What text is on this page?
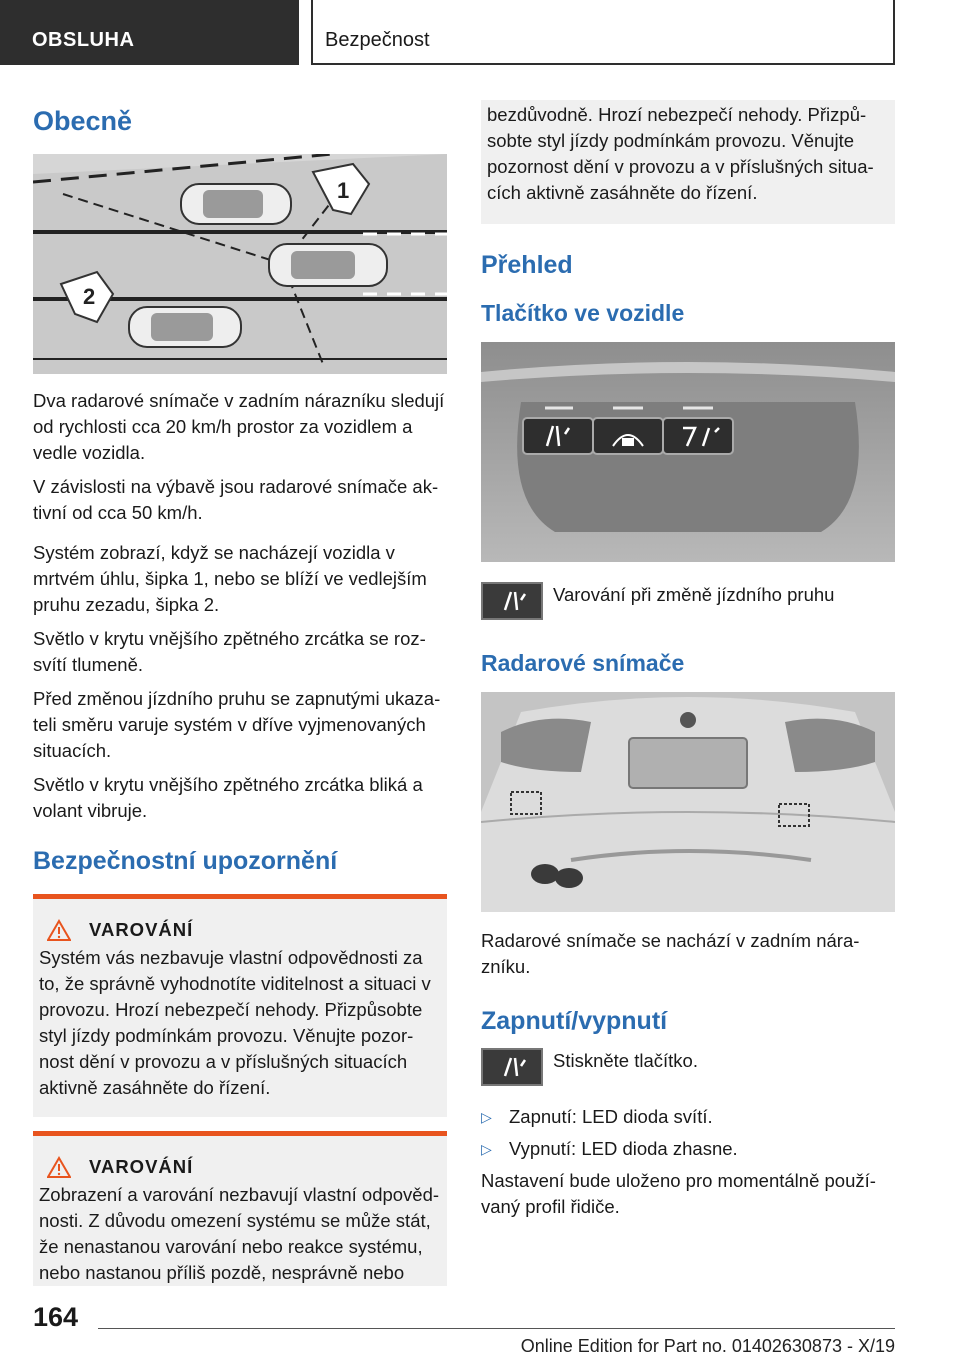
OBSLUHA	Bezpečnost
Obecně
1
2

Dva radarové snímače v zadním nárazníku sledují od rychlosti cca 20 km/h prostor za vozidlem a vedle vozidla.

V závislosti na výbavě jsou radarové snímače ak‐tivní od cca 50 km/h.

Systém zobrazí, když se nacházejí vozidla v mrtvém úhlu, šipka 1, nebo se blíží ve vedlejším pruhu zezadu, šipka 2.

Světlo v krytu vnějšího zpětného zrcátka se roz‐svítí tlumeně.

Před změnou jízdního pruhu se zapnutými ukaza‐teli směru varuje systém v dříve vyjmenovaných situacích.

Světlo v krytu vnějšího zpětného zrcátka bliká a volant vibruje.

Bezpečnostní upozornění
VAROVÁNÍ

Systém vás nezbavuje vlastní odpovědnosti za to, že správně vyhodnotíte viditelnost a situaci v provozu. Hrozí nebezpečí nehody. Přizpůsobte styl jízdy podmínkám provozu. Věnujte pozor‐nost dění v provozu a v příslušných situacích aktivně zasáhněte do řízení.

VAROVÁNÍ

Zobrazení a varování nezbavují vlastní odpověd‐nosti. Z důvodu omezení systému se může stát, že nenastanou varování nebo reakce systému, nebo nastanou příliš pozdě, nesprávně nebo

bezdůvodně. Hrozí nebezpečí nehody. Přizpů‐sobte styl jízdy podmínkám provozu. Věnujte pozornost dění v provozu a v příslušných situa‐cích aktivně zasáhněte do řízení.

Přehled
Tlačítko ve vozidle

Varování při změně jízdního pruhu

Radarové snímače

Radarové snímače se nachází v zadním nára‐zníku.

Zapnutí/vypnutí

Stiskněte tlačítko.

▷ Zapnutí: LED dioda svítí.
▷ Vypnutí: LED dioda zhasne.

Nastavení bude uloženo pro momentálně použí‐vaný profil řidiče.

164
Online Edition for Part no. 01402630873 - X/19
